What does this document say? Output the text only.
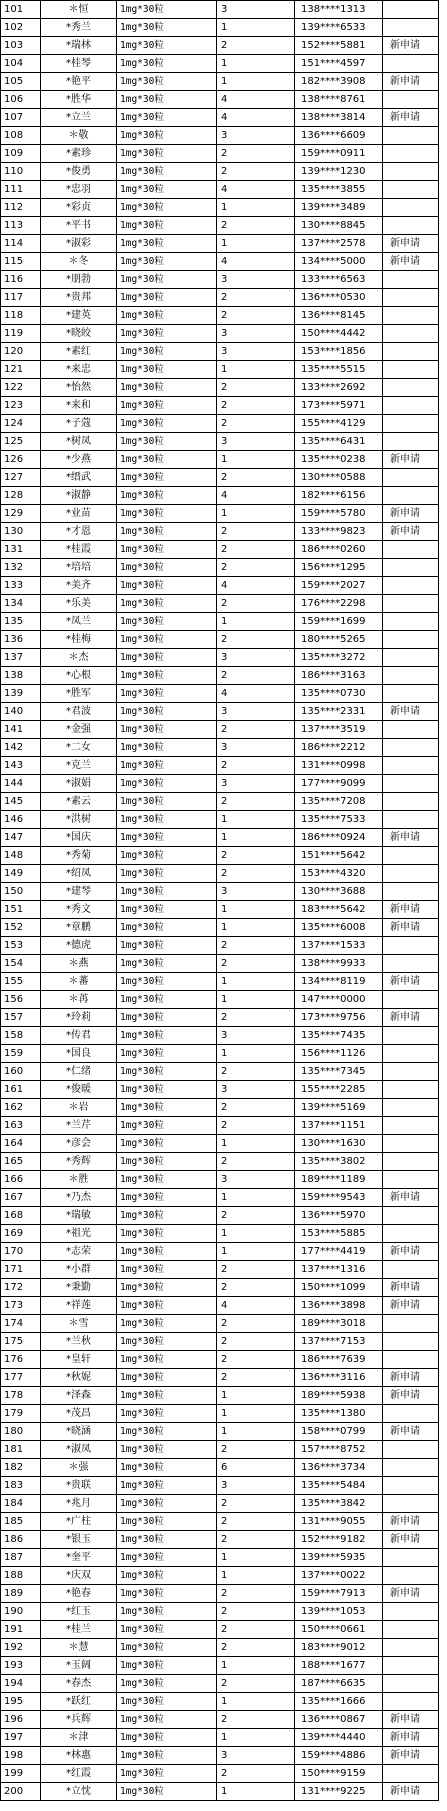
101	＊恒	1mg*30粒	3	138****1313	
102	*秀兰	1mg*30粒	1	139****6533	
103	*瑞林	1mg*30粒	2	152****5881	新申请
104	*桂琴	1mg*30粒	1	151****4597	
105	*艳平	1mg*30粒	1	182****3908	新申请
106	*胜华	1mg*30粒	4	138****8761	
107	*立兰	1mg*30粒	4	138****3814	新申请
108	＊敬	1mg*30粒	3	136****6609	
109	*素珍	1mg*30粒	2	159****0911	
110	*俊勇	1mg*30粒	2	139****1230	
111	*忠羽	1mg*30粒	4	135****3855	
112	*彩贞	1mg*30粒	1	139****3489	
113	*平书	1mg*30粒	2	130****8845	
114	*淑彩	1mg*30粒	1	137****2578	新申请
115	＊冬	1mg*30粒	4	134****5000	新申请
116	*朋勃	1mg*30粒	3	133****6563	
117	*贵邦	1mg*30粒	2	136****0530	
118	*建英	1mg*30粒	2	136****8145	
119	*晓皎	1mg*30粒	3	150****4442	
120	*素红	1mg*30粒	3	153****1856	
121	*来忠	1mg*30粒	1	135****5515	
122	*怡然	1mg*30粒	2	133****2692	
123	*来和	1mg*30粒	2	173****5971	
124	*子蔻	1mg*30粒	2	155****4129	
125	*树凤	1mg*30粒	3	135****6431	
126	*少燕	1mg*30粒	1	135****0238	新申请
127	*缙武	1mg*30粒	2	130****0588	
128	*淑静	1mg*30粒	4	182****6156	
129	*业苗	1mg*30粒	1	159****5780	新申请
130	*才恩	1mg*30粒	2	133****9823	新申请
131	*桂霞	1mg*30粒	2	186****0260	
132	*培培	1mg*30粒	2	156****1295	
133	*美齐	1mg*30粒	4	159****2027	
134	*乐美	1mg*30粒	2	176****2298	
135	*凤兰	1mg*30粒	1	159****1699	
136	*桂梅	1mg*30粒	2	180****5265	
137	＊杰	1mg*30粒	3	135****3272	
138	*心根	1mg*30粒	2	186****3163	
139	*胜军	1mg*30粒	4	135****0730	
140	*君波	1mg*30粒	3	135****2331	新申请
141	*金强	1mg*30粒	2	137****3519	
142	*二女	1mg*30粒	3	186****2212	
143	*克兰	1mg*30粒	2	131****0998	
144	*淑娟	1mg*30粒	3	177****9099	
145	*素云	1mg*30粒	2	135****7208	
146	*洪树	1mg*30粒	1	135****7533	
147	*国庆	1mg*30粒	1	186****0924	新申请
148	*秀菊	1mg*30粒	2	151****5642	
149	*绍凤	1mg*30粒	2	153****4320	
150	*建琴	1mg*30粒	3	130****3688	
151	*秀文	1mg*30粒	1	183****5642	新申请
152	*章鹏	1mg*30粒	1	135****6008	新申请
153	*德虎	1mg*30粒	2	137****1533	
154	＊燕	1mg*30粒	2	138****9933	
155	＊蕃	1mg*30粒	1	134****8119	新申请
156	＊苒	1mg*30粒	1	147****0000	
157	*玲莉	1mg*30粒	2	173****9756	新申请
158	*传君	1mg*30粒	3	135****7435	
159	*国良	1mg*30粒	1	156****1126	
160	*仁绪	1mg*30粒	2	135****7345	
161	*俊暖	1mg*30粒	3	155****2285	
162	＊岩	1mg*30粒	2	139****5169	
163	*兰芹	1mg*30粒	2	137****1151	
164	*彦会	1mg*30粒	1	130****1630	
165	*秀辉	1mg*30粒	2	135****3802	
166	＊胜	1mg*30粒	3	189****1189	
167	*乃杰	1mg*30粒	1	159****9543	新申请
168	*瑞敏	1mg*30粒	2	136****5970	
169	*祖光	1mg*30粒	1	153****5885	
170	*志荣	1mg*30粒	1	177****4419	新申请
171	*小群	1mg*30粒	2	137****1316	
172	*秉勤	1mg*30粒	2	150****1099	新申请
173	*祥莲	1mg*30粒	4	136****3898	新申请
174	＊雪	1mg*30粒	2	189****3018	
175	*兰秋	1mg*30粒	2	137****7153	
176	*皇轩	1mg*30粒	2	186****7639	
177	*秋妮	1mg*30粒	2	136****3116	新申请
178	*泽森	1mg*30粒	1	189****5938	新申请
179	*茂昌	1mg*30粒	1	135****1380	
180	*晓涵	1mg*30粒	1	158****0799	新申请
181	*淑凤	1mg*30粒	2	157****8752	
182	＊强	1mg*30粒	6	136****3734	
183	*贵联	1mg*30粒	3	135****5484	
184	*兆月	1mg*30粒	2	135****3842	
185	*广柱	1mg*30粒	2	131****9055	新申请
186	*银玉	1mg*30粒	2	152****9182	新申请
187	*奎平	1mg*30粒	1	139****5935	
188	*庆双	1mg*30粒	1	137****0022	
189	*艳春	1mg*30粒	2	159****7913	新申请
190	*红玉	1mg*30粒	2	139****1053	
191	*桂兰	1mg*30粒	2	150****0661	
192	＊慧	1mg*30粒	2	183****9012	
193	*玉阔	1mg*30粒	1	188****1677	
194	*春杰	1mg*30粒	2	187****6635	
195	*跃红	1mg*30粒	1	135****1666	
196	*兵辉	1mg*30粒	2	136****0867	新申请
197	＊津	1mg*30粒	1	139****4440	新申请
198	*林惠	1mg*30粒	3	159****4886	新申请
199	*红霞	1mg*30粒	2	150****9159	
200	*立忱	1mg*30粒	1	131****9225	新申请
